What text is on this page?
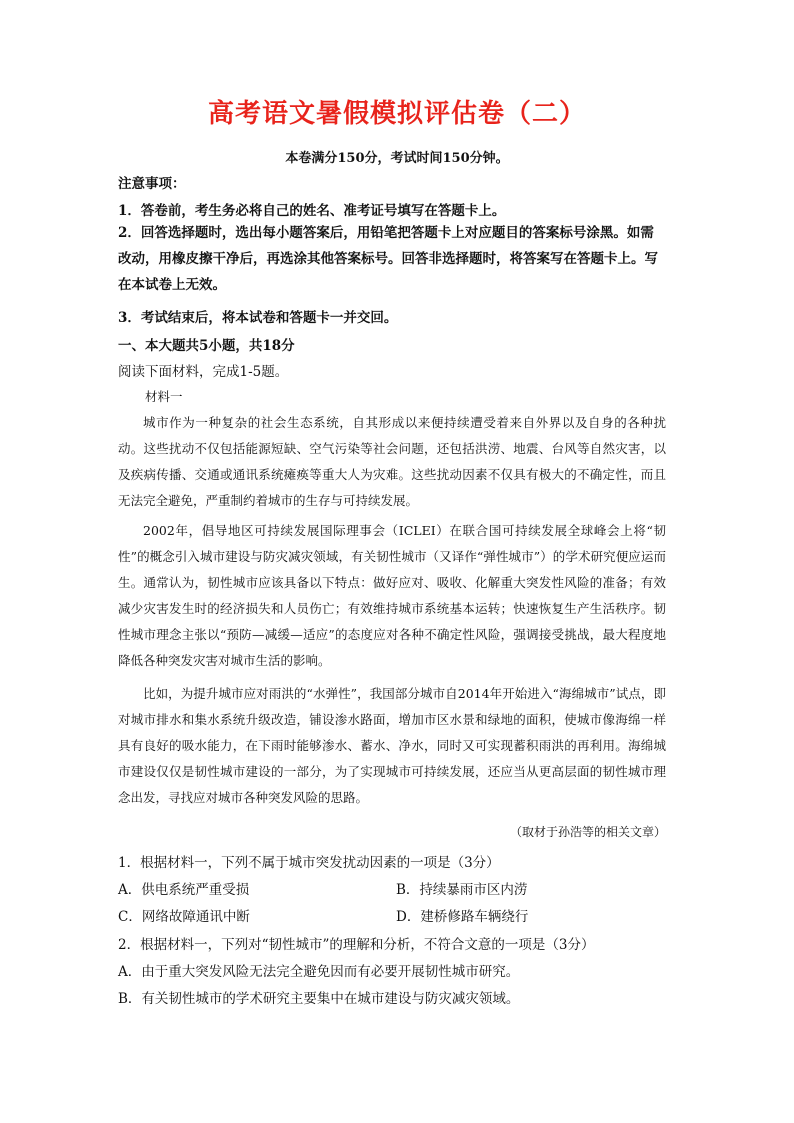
高考语文暑假模拟评估卷（二）
本卷满分150分，考试时间150分钟。
注意事项：
1．答卷前，考生务必将自己的姓名、准考证号填写在答题卡上。
2．回答选择题时，选出每小题答案后，用铅笔把答题卡上对应题目的答案标号涂黑。如需改动，用橡皮擦干净后，再选涂其他答案标号。回答非选择题时，将答案写在答题卡上。写在本试卷上无效。
3．考试结束后，将本试卷和答题卡一并交回。
一、本大题共5小题，共18分
阅读下面材料，完成1-5题。
材料一
城市作为一种复杂的社会生态系统，自其形成以来便持续遭受着来自外界以及自身的各种扰动。这些扰动不仅包括能源短缺、空气污染等社会问题，还包括洪涝、地震、台风等自然灾害，以及疾病传播、交通或通讯系统瘫痪等重大人为灾难。这些扰动因素不仅具有极大的不确定性，而且无法完全避免，严重制约着城市的生存与可持续发展。
2002年，倡导地区可持续发展国际理事会（ICLEI）在联合国可持续发展全球峰会上将“韧性”的概念引入城市建设与防灾减灾领域，有关韧性城市（又译作“弹性城市”）的学术研究便应运而生。通常认为，韧性城市应该具备以下特点：做好应对、吸收、化解重大突发性风险的准备；有效减少灾害发生时的经济损失和人员伤亡；有效维持城市系统基本运转；快速恢复生产生活秩序。韧性城市理念主张以“预防—减缓—适应”的态度应对各种不确定性风险，强调接受挑战，最大程度地降低各种突发灾害对城市生活的影响。
比如，为提升城市应对雨洪的“水弹性”，我国部分城市自2014年开始进入“海绵城市”试点，即对城市排水和集水系统升级改造，铺设渗水路面，增加市区水景和绿地的面积，使城市像海绵一样具有良好的吸水能力，在下雨时能够渗水、蓄水、净水，同时又可实现蓄积雨洪的再利用。海绵城市建设仅仅是韧性城市建设的一部分，为了实现城市可持续发展，还应当从更高层面的韧性城市理念出发，寻找应对城市各种突发风险的思路。
（取材于孙浩等的相关文章）
1．根据材料一，下列不属于城市突发扰动因素的一项是（3分）
A．供电系统严重受损	B．持续暴雨市区内涝
C．网络故障通讯中断	D．建桥修路车辆绕行
2．根据材料一，下列对“韧性城市”的理解和分析，不符合文意的一项是（3分）
A．由于重大突发风险无法完全避免因而有必要开展韧性城市研究。
B．有关韧性城市的学术研究主要集中在城市建设与防灾减灾领域。
